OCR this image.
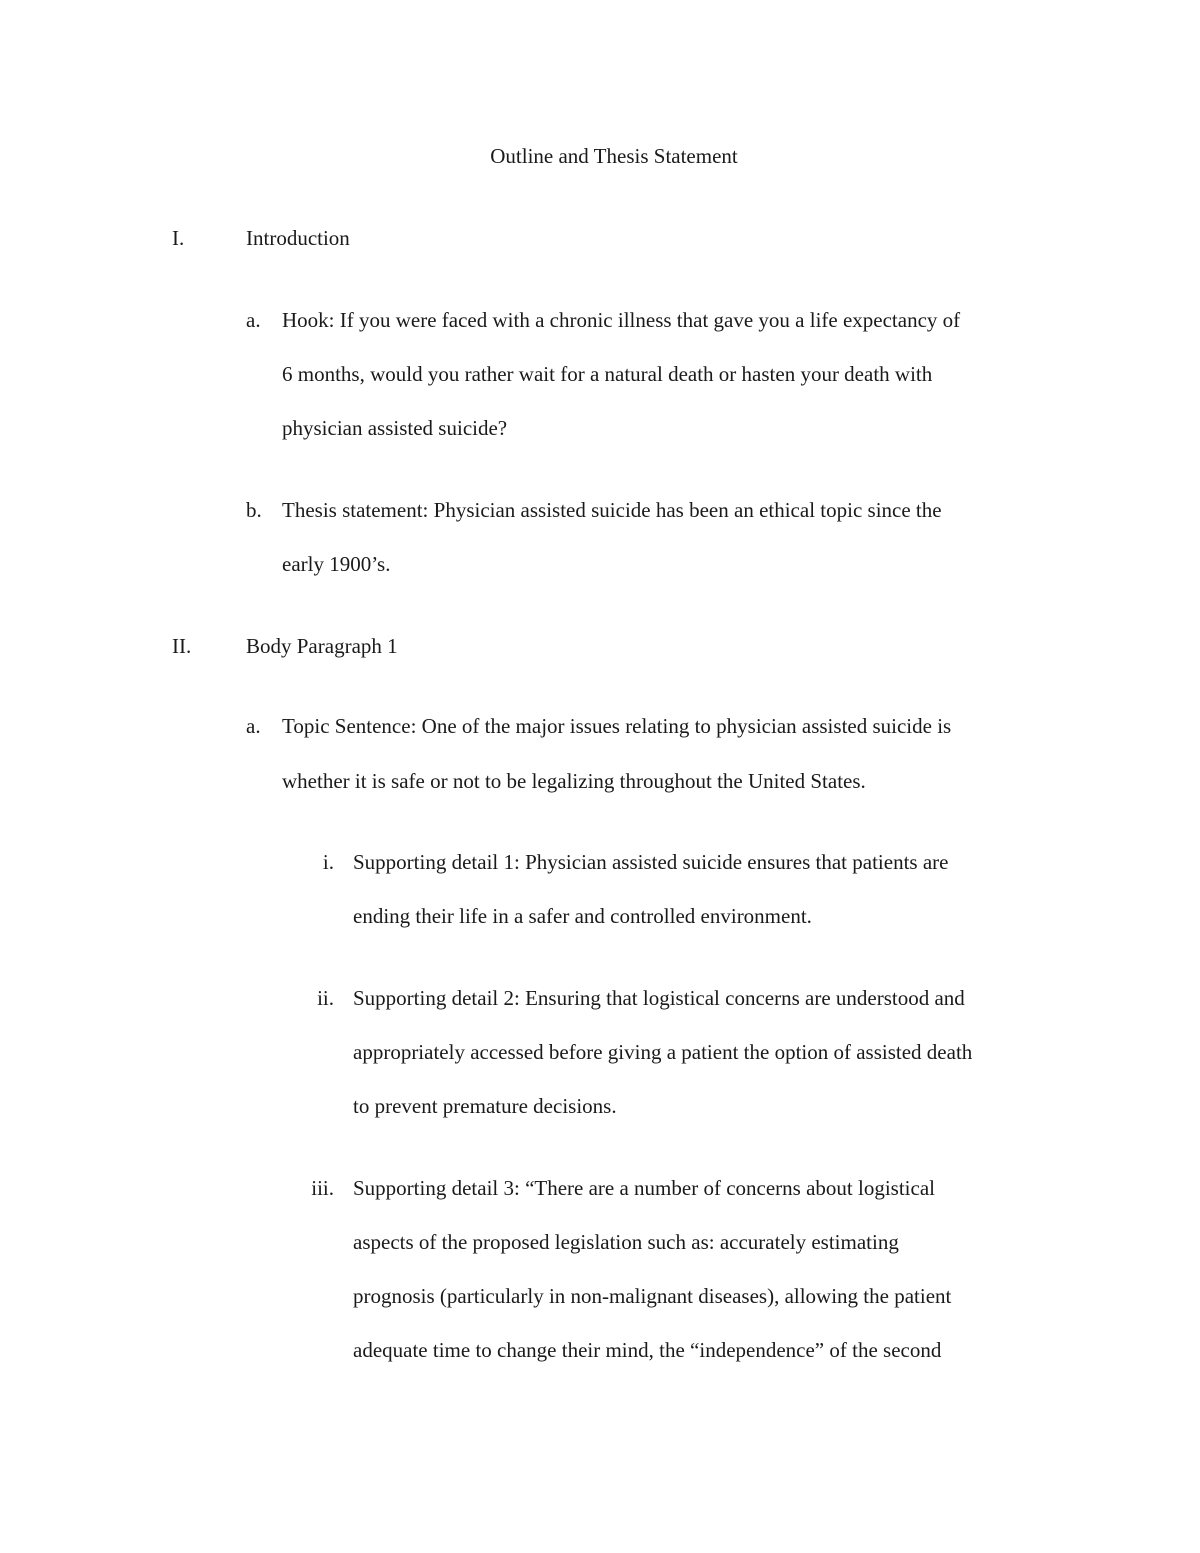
Outline and Thesis Statement
I.	Introduction
a. Hook: If you were faced with a chronic illness that gave you a life expectancy of
6 months, would you rather wait for a natural death or hasten your death with
physician assisted suicide?
b. Thesis statement: Physician assisted suicide has been an ethical topic since the
early 1900’s.
II.	Body Paragraph 1
a. Topic Sentence: One of the major issues relating to physician assisted suicide is
whether it is safe or not to be legalizing throughout the United States.
i. Supporting detail 1: Physician assisted suicide ensures that patients are
ending their life in a safer and controlled environment.
ii. Supporting detail 2: Ensuring that logistical concerns are understood and
appropriately accessed before giving a patient the option of assisted death
to prevent premature decisions.
iii. Supporting detail 3: “There are a number of concerns about logistical
aspects of the proposed legislation such as: accurately estimating
prognosis (particularly in non-malignant diseases), allowing the patient
adequate time to change their mind, the “independence” of the second
